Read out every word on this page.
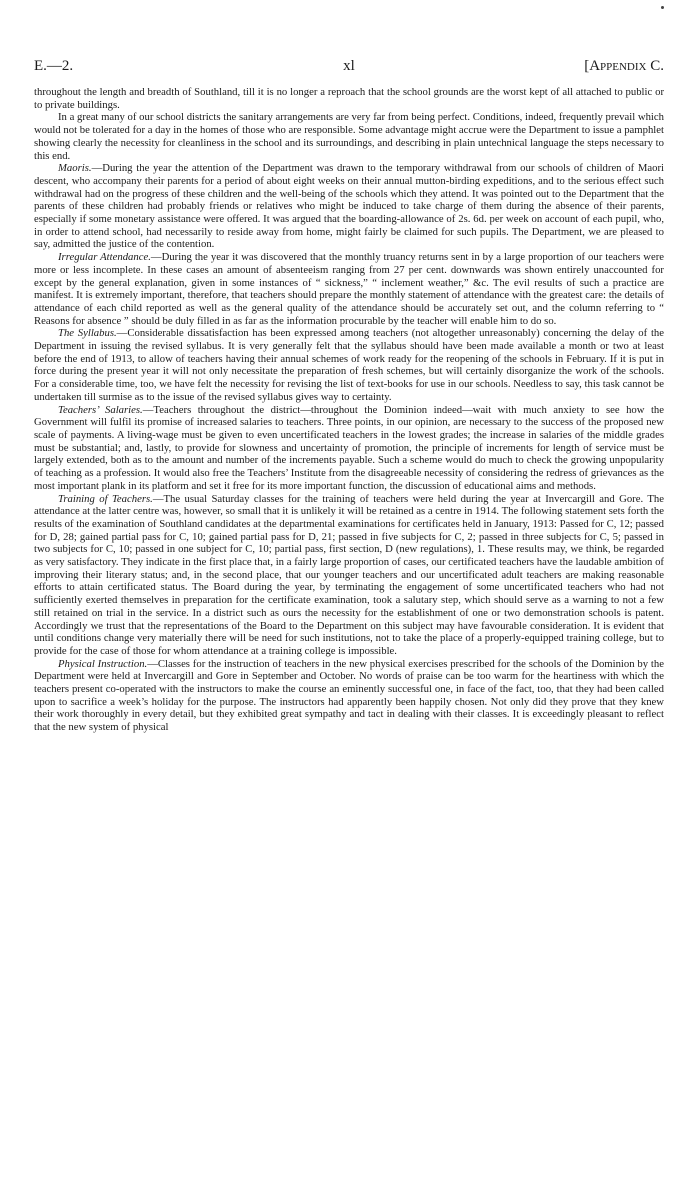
E.—2.	xl	[Appendix C.

throughout the length and breadth of Southland, till it is no longer a reproach that the school grounds are the worst kept of all attached to public or to private buildings.

In a great many of our school districts the sanitary arrangements are very far from being perfect. Conditions, indeed, frequently prevail which would not be tolerated for a day in the homes of those who are responsible. Some advantage might accrue were the Department to issue a pamphlet showing clearly the necessity for cleanliness in the school and its surroundings, and describing in plain untechnical language the steps necessary to this end.

Maoris.—During the year the attention of the Department was drawn to the temporary withdrawal from our schools of children of Maori descent, who accompany their parents for a period of about eight weeks on their annual mutton-birding expeditions, and to the serious effect such withdrawal had on the progress of these children and the well-being of the schools which they attend. It was pointed out to the Department that the parents of these children had probably friends or relatives who might be induced to take charge of them during the absence of their parents, especially if some monetary assistance were offered. It was argued that the boarding-allowance of 2s. 6d. per week on account of each pupil, who, in order to attend school, had necessarily to reside away from home, might fairly be claimed for such pupils. The Department, we are pleased to say, admitted the justice of the contention.

Irregular Attendance.—During the year it was discovered that the monthly truancy returns sent in by a large proportion of our teachers were more or less incomplete. In these cases an amount of absenteeism ranging from 27 per cent. downwards was shown entirely unaccounted for except by the general explanation, given in some instances of “ sickness,” “ inclement weather,” &c. The evil results of such a practice are manifest. It is extremely important, therefore, that teachers should prepare the monthly statement of attendance with the greatest care: the details of attendance of each child reported as well as the general quality of the attendance should be accurately set out, and the column referring to “ Reasons for absence ” should be duly filled in as far as the information procurable by the teacher will enable him to do so.

The Syllabus.—Considerable dissatisfaction has been expressed among teachers (not altogether unreasonably) concerning the delay of the Department in issuing the revised syllabus. It is very generally felt that the syllabus should have been made available a month or two at least before the end of 1913, to allow of teachers having their annual schemes of work ready for the reopening of the schools in February. If it is put in force during the present year it will not only necessitate the preparation of fresh schemes, but will certainly disorganize the work of the schools. For a considerable time, too, we have felt the necessity for revising the list of text-books for use in our schools. Needless to say, this task cannot be undertaken till surmise as to the issue of the revised syllabus gives way to certainty.

Teachers’ Salaries.—Teachers throughout the district—throughout the Dominion indeed—wait with much anxiety to see how the Government will fulfil its promise of increased salaries to teachers. Three points, in our opinion, are necessary to the success of the proposed new scale of payments. A living-wage must be given to even uncertificated teachers in the lowest grades; the increase in salaries of the middle grades must be substantial; and, lastly, to provide for slowness and uncertainty of promotion, the principle of increments for length of service must be largely extended, both as to the amount and number of the increments payable. Such a scheme would do much to check the growing unpopularity of teaching as a profession. It would also free the Teachers’ Institute from the disagreeable necessity of considering the redress of grievances as the most important plank in its platform and set it free for its more important function, the discussion of educational aims and methods.

Training of Teachers.—The usual Saturday classes for the training of teachers were held during the year at Invercargill and Gore. The attendance at the latter centre was, however, so small that it is unlikely it will be retained as a centre in 1914. The following statement sets forth the results of the examination of Southland candidates at the departmental examinations for certificates held in January, 1913: Passed for C, 12; passed for D, 28; gained partial pass for C, 10; gained partial pass for D, 21; passed in five subjects for C, 2; passed in three subjects for C, 5; passed in two subjects for C, 10; passed in one subject for C, 10; partial pass, first section, D (new regulations), 1. These results may, we think, be regarded as very satisfactory. They indicate in the first place that, in a fairly large proportion of cases, our certificated teachers have the laudable ambition of improving their literary status; and, in the second place, that our younger teachers and our uncertificated adult teachers are making reasonable efforts to attain certificated status. The Board during the year, by terminating the engagement of some uncertificated teachers who had not sufficiently exerted themselves in preparation for the certificate examination, took a salutary step, which should serve as a warning to not a few still retained on trial in the service. In a district such as ours the necessity for the establishment of one or two demonstration schools is patent. Accordingly we trust that the representations of the Board to the Department on this subject may have favourable consideration. It is evident that until conditions change very materially there will be need for such institutions, not to take the place of a properly-equipped training college, but to provide for the case of those for whom attendance at a training college is impossible.

Physical Instruction.—Classes for the instruction of teachers in the new physical exercises prescribed for the schools of the Dominion by the Department were held at Invercargill and Gore in September and October. No words of praise can be too warm for the heartiness with which the teachers present co-operated with the instructors to make the course an eminently successful one, in face of the fact, too, that they had been called upon to sacrifice a week’s holiday for the purpose. The instructors had apparently been happily chosen. Not only did they prove that they knew their work thoroughly in every detail, but they exhibited great sympathy and tact in dealing with their classes. It is exceedingly pleasant to reflect that the new system of physical
